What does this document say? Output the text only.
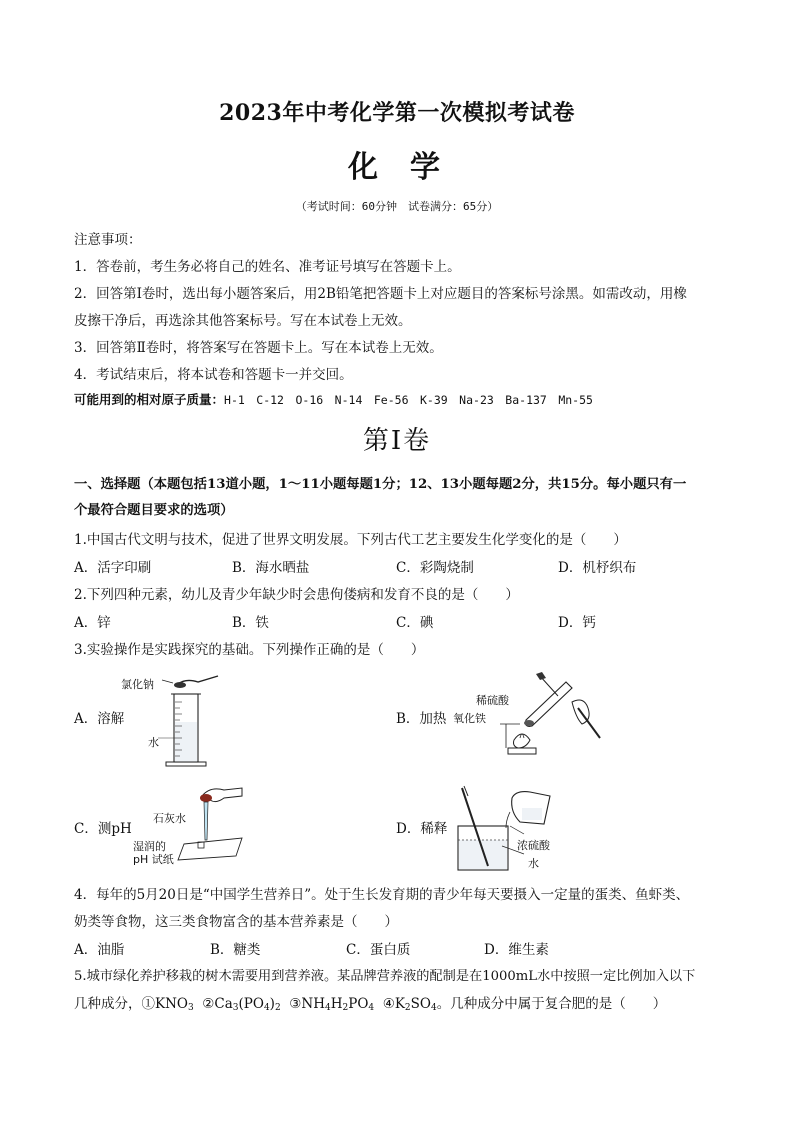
2023年中考化学第一次模拟考试卷
化 学
（考试时间：60分钟　试卷满分：65分）
注意事项：
1．答卷前，考生务必将自己的姓名、准考证号填写在答题卡上。
2．回答第Ⅰ卷时，选出每小题答案后，用2B铅笔把答题卡上对应题目的答案标号涂黑。如需改动，用橡
皮擦干净后，再选涂其他答案标号。写在本试卷上无效。
3．回答第Ⅱ卷时，将答案写在答题卡上。写在本试卷上无效。
4．考试结束后，将本试卷和答题卡一并交回。
可能用到的相对原子质量：H-1　C-12　O-16　N-14　Fe-56　K-39　Na-23　Ba-137　Mn-55
第Ⅰ卷
一、选择题（本题包括13道小题，1～11小题每题1分；12、13小题每题2分，共15分。每小题只有一
个最符合题目要求的选项）
1.中国古代文明与技术，促进了世界文明发展。下列古代工艺主要发生化学变化的是（　　）
A．活字印刷	B．海水晒盐	C．彩陶烧制	D．机杼织布
2.下列四种元素，幼儿及青少年缺少时会患佝偻病和发育不良的是（　　）
A．锌	B．铁	C．碘	D．钙
3.实验操作是实践探究的基础。下列操作正确的是（　　）
A．溶解	B．加热
C．测pH	D．稀释
氯化钠
水
稀硫酸
氧化铁
石灰水
湿润的
pH 试纸
浓硫酸
水
4．每年的5月20日是“中国学生营养日”。处于生长发育期的青少年每天要摄入一定量的蛋类、鱼虾类、
奶类等食物，这三类食物富含的基本营养素是（　　）
A．油脂	B．糖类	C．蛋白质	D．维生素
5.城市绿化养护移栽的树木需要用到营养液。某品牌营养液的配制是在1000mL水中按照一定比例加入以下
几种成分，$①KNO_3$ $②Ca_3(PO_4)_2$ $③NH_4H_2PO_4$ $④K_2SO_4$。几种成分中属于复合肥的是（　　）
